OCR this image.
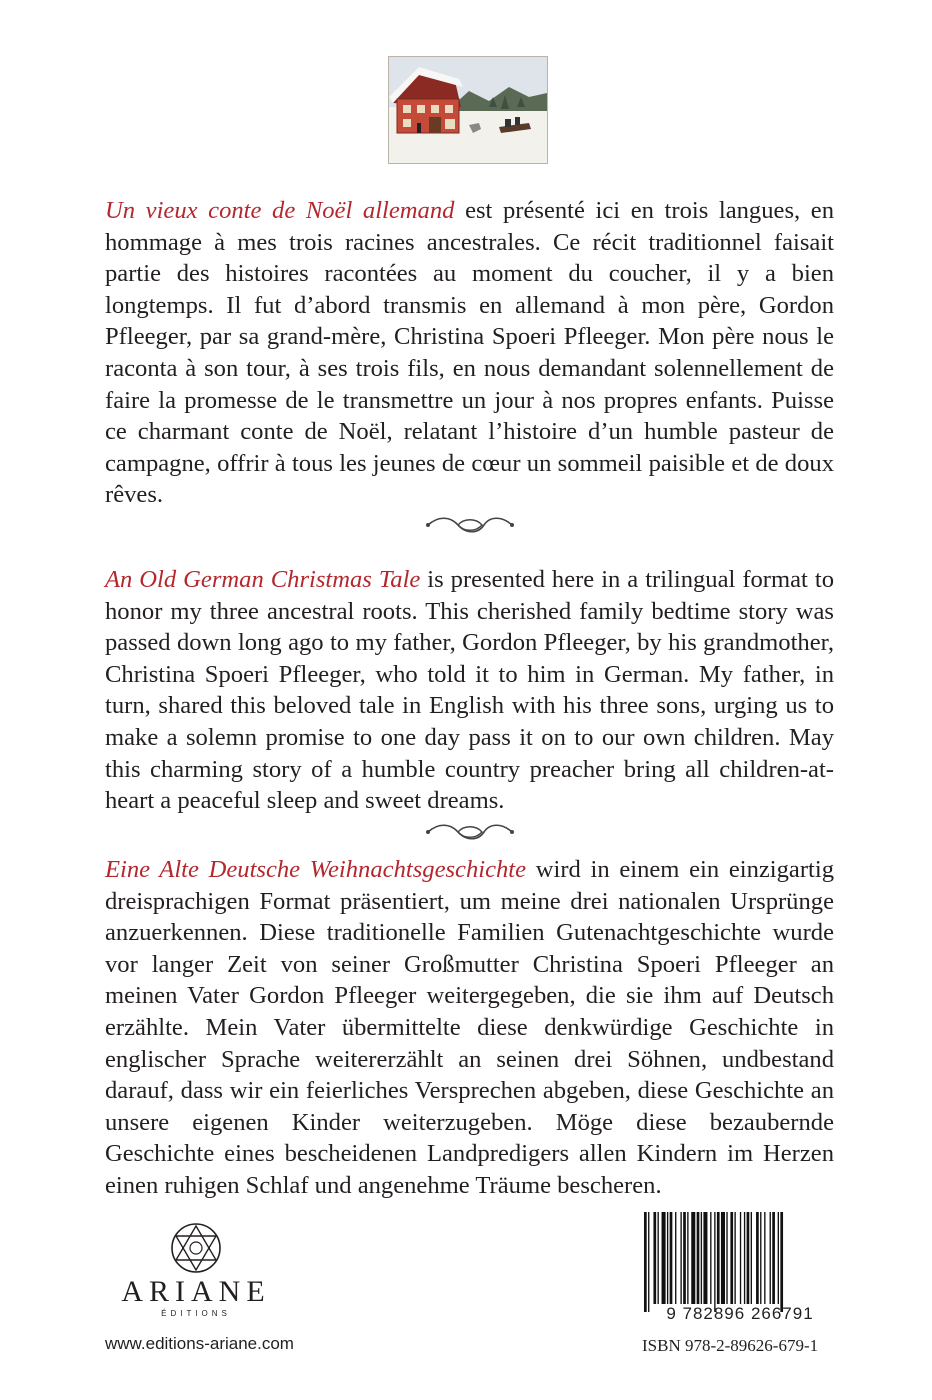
Un vieux conte de Noël allemand est présenté ici en trois langues, en hommage à mes trois racines ancestrales. Ce récit traditionnel faisait partie des histoires racontées au moment du coucher, il y a bien longtemps. Il fut d’abord transmis en allemand à mon père, Gordon Pfleeger, par sa grand-mère, Christina Spoeri Pfleeger. Mon père nous le raconta à son tour, à ses trois fils, en nous demandant solennellement de faire la promesse de le transmettre un jour à nos propres enfants. Puisse ce charmant conte de Noël, relatant l’histoire d’un humble pasteur de campagne, offrir à tous les jeunes de cœur un sommeil paisible et de doux rêves.

An Old German Christmas Tale is presented here in a trilingual format to honor my three ancestral roots. This cherished family bedtime story was passed down long ago to my father, Gordon Pfleeger, by his grandmother, Christina Spoeri Pfleeger, who told it to him in German. My father, in turn, shared this beloved tale in English with his three sons, urging us to make a solemn promise to one day pass it on to our own children. May this charming story of a humble country preacher bring all children-at-heart a peaceful sleep and sweet dreams.

Eine Alte Deutsche Weihnachtsgeschichte wird in einem ein einzigartig dreisprachigen Format präsentiert, um meine drei nationalen Ursprünge anzuerkennen. Diese traditionelle Familien Gutenachtgeschichte wurde vor langer Zeit von seiner Großmutter Christina Spoeri Pfleeger an meinen Vater Gordon Pfleeger weitergegeben, die sie ihm auf Deutsch erzählte. Mein Vater übermittelte diese denkwürdige Geschichte in englischer Sprache weitererzählt an seinen drei Söhnen, undbestand darauf, dass wir ein feierliches Versprechen abgeben, diese Geschichte an unsere eigenen Kinder weiterzugeben. Möge diese bezaubernde Geschichte eines bescheidenen Landpredigers allen Kindern im Herzen einen ruhigen Schlaf und angenehme Träume bescheren.

ARIANE
ÉDITIONS
www.editions-ariane.com
9 782896 266791
ISBN 978-2-89626-679-1
